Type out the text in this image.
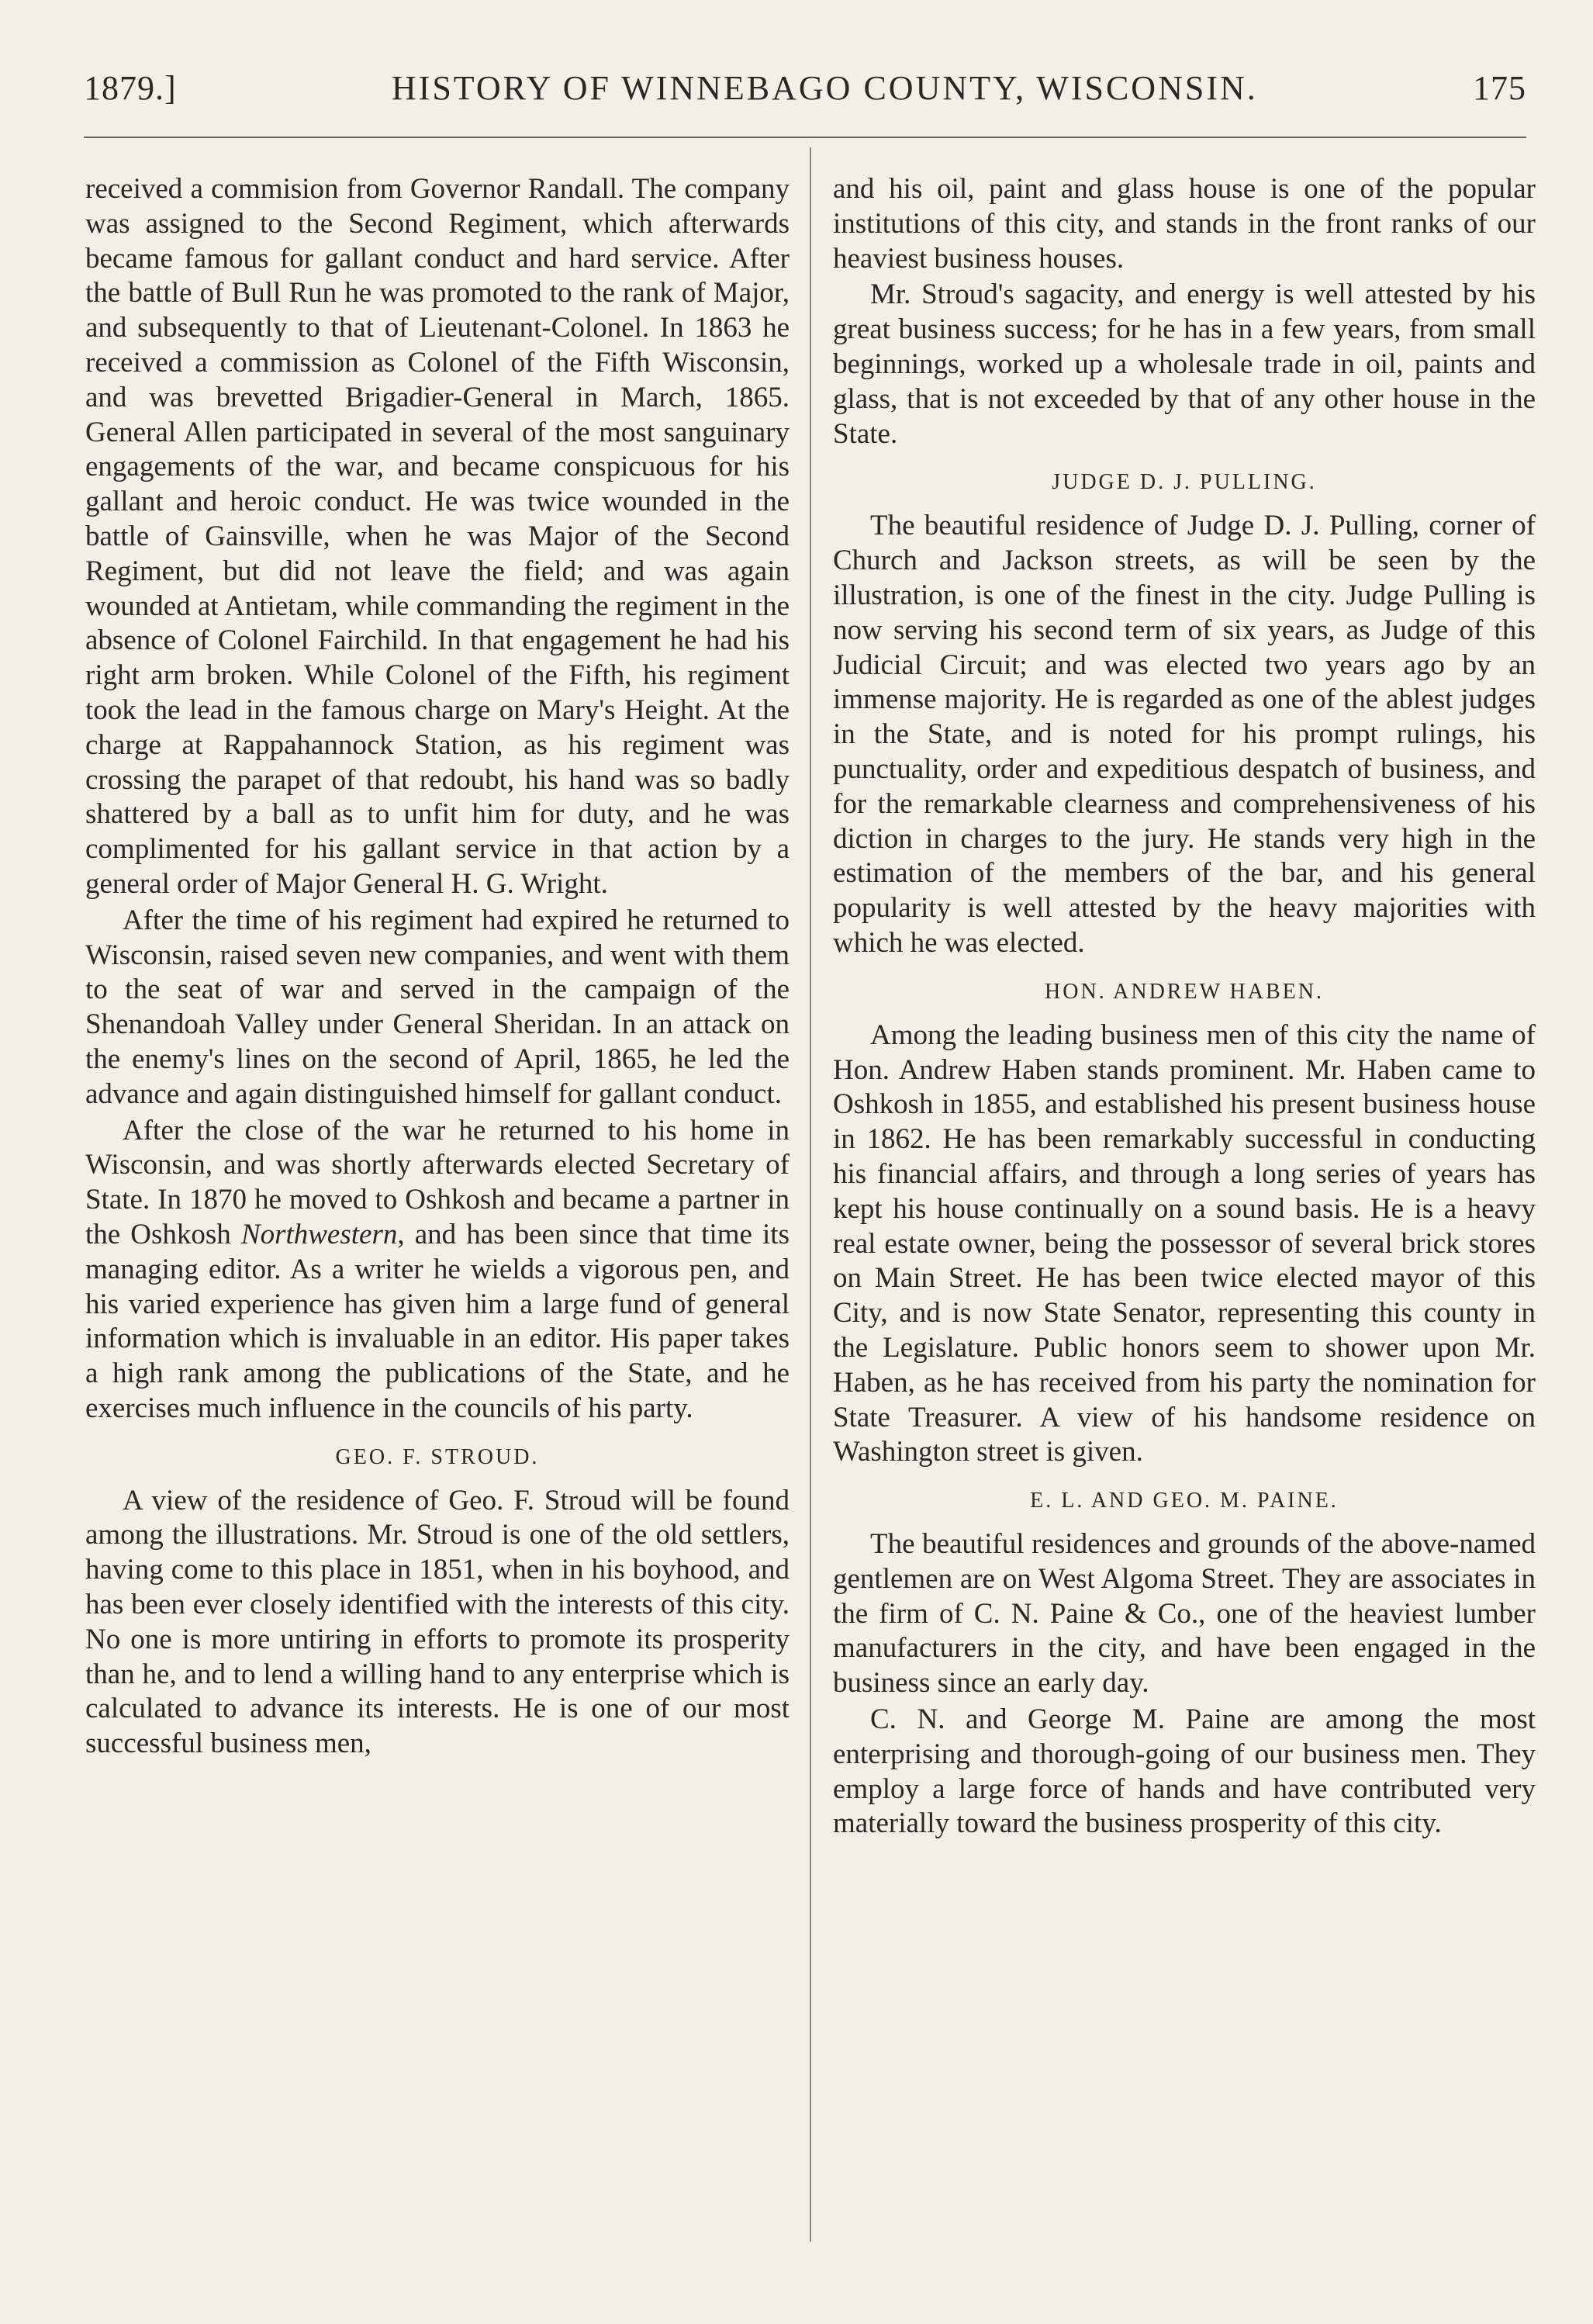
1879.]	HISTORY OF WINNEBAGO COUNTY, WISCONSIN.	175

received a commision from Governor Randall. The company was assigned to the Second Regiment, which afterwards became famous for gallant conduct and hard service. After the battle of Bull Run he was promoted to the rank of Major, and subsequently to that of Lieutenant-Colonel. In 1863 he received a commission as Colonel of the Fifth Wisconsin, and was brevetted Brigadier-General in March, 1865. General Allen participated in several of the most sanguinary engagements of the war, and became conspicuous for his gallant and heroic conduct. He was twice wounded in the battle of Gainsville, when he was Major of the Second Regiment, but did not leave the field; and was again wounded at Antietam, while commanding the regiment in the absence of Colonel Fairchild. In that engagement he had his right arm broken. While Colonel of the Fifth, his regiment took the lead in the famous charge on Mary's Height. At the charge at Rappahannock Station, as his regiment was crossing the parapet of that redoubt, his hand was so badly shattered by a ball as to unfit him for duty, and he was complimented for his gallant service in that action by a general order of Major General H. G. Wright.

After the time of his regiment had expired he returned to Wisconsin, raised seven new companies, and went with them to the seat of war and served in the campaign of the Shenandoah Valley under General Sheridan. In an attack on the enemy's lines on the second of April, 1865, he led the advance and again distinguished himself for gallant conduct.

After the close of the war he returned to his home in Wisconsin, and was shortly afterwards elected Secretary of State. In 1870 he moved to Oshkosh and became a partner in the Oshkosh Northwestern, and has been since that time its managing editor. As a writer he wields a vigorous pen, and his varied experience has given him a large fund of general information which is invaluable in an editor. His paper takes a high rank among the publications of the State, and he exercises much influence in the councils of his party.

GEO. F. STROUD.

A view of the residence of Geo. F. Stroud will be found among the illustrations. Mr. Stroud is one of the old settlers, having come to this place in 1851, when in his boyhood, and has been ever closely identified with the interests of this city. No one is more untiring in efforts to promote its prosperity than he, and to lend a willing hand to any enterprise which is calculated to advance its interests. He is one of our most successful business men,

and his oil, paint and glass house is one of the popular institutions of this city, and stands in the front ranks of our heaviest business houses.

Mr. Stroud's sagacity, and energy is well attested by his great business success; for he has in a few years, from small beginnings, worked up a wholesale trade in oil, paints and glass, that is not exceeded by that of any other house in the State.

JUDGE D. J. PULLING.

The beautiful residence of Judge D. J. Pulling, corner of Church and Jackson streets, as will be seen by the illustration, is one of the finest in the city. Judge Pulling is now serving his second term of six years, as Judge of this Judicial Circuit; and was elected two years ago by an immense majority. He is regarded as one of the ablest judges in the State, and is noted for his prompt rulings, his punctuality, order and expeditious despatch of business, and for the remarkable clearness and comprehensiveness of his diction in charges to the jury. He stands very high in the estimation of the members of the bar, and his general popularity is well attested by the heavy majorities with which he was elected.

HON. ANDREW HABEN.

Among the leading business men of this city the name of Hon. Andrew Haben stands prominent. Mr. Haben came to Oshkosh in 1855, and established his present business house in 1862. He has been remarkably successful in conducting his financial affairs, and through a long series of years has kept his house continually on a sound basis. He is a heavy real estate owner, being the possessor of several brick stores on Main Street. He has been twice elected mayor of this City, and is now State Senator, representing this county in the Legislature. Public honors seem to shower upon Mr. Haben, as he has received from his party the nomination for State Treasurer. A view of his handsome residence on Washington street is given.

E. L. AND GEO. M. PAINE.

The beautiful residences and grounds of the above-named gentlemen are on West Algoma Street. They are associates in the firm of C. N. Paine & Co., one of the heaviest lumber manufacturers in the city, and have been engaged in the business since an early day.

C. N. and George M. Paine are among the most enterprising and thorough-going of our business men. They employ a large force of hands and have contributed very materially toward the business prosperity of this city.
